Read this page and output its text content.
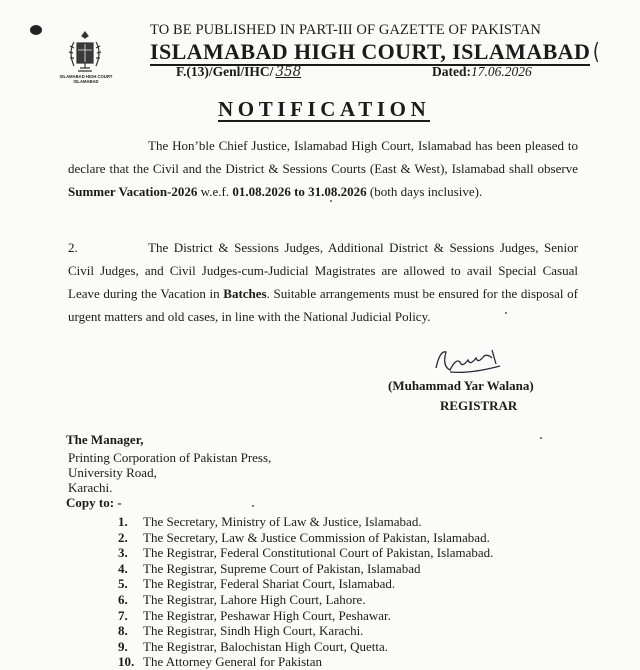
ISLAMABAD HIGH COURT ISLAMABAD
TO BE PUBLISHED IN PART-III OF GAZETTE OF PAKISTAN
ISLAMABAD HIGH COURT, ISLAMABAD
F.(13)/Genl/IHC/ 358	Dated:17.06.2026
(
NOTIFICATION
The Hon’ble Chief Justice, Islamabad High Court, Islamabad has been pleased to declare that the Civil and the District & Sessions Courts (East & West), Islamabad shall observe Summer Vacation-2026 w.e.f. 01.08.2026 to 31.08.2026 (both days inclusive).
2.	The District & Sessions Judges, Additional District & Sessions Judges, Senior Civil Judges, and Civil Judges-cum-Judicial Magistrates are allowed to avail Special Casual Leave during the Vacation in Batches. Suitable arrangements must be ensured for the disposal of urgent matters and old cases, in line with the National Judicial Policy.
(Muhammad Yar Walana)
REGISTRAR
The Manager,
Printing Corporation of Pakistan Press,
University Road,
Karachi.
Copy to: -
1. The Secretary, Ministry of Law & Justice, Islamabad.
2. The Secretary, Law & Justice Commission of Pakistan, Islamabad.
3. The Registrar, Federal Constitutional Court of Pakistan, Islamabad.
4. The Registrar, Supreme Court of Pakistan, Islamabad
5. The Registrar, Federal Shariat Court, Islamabad.
6. The Registrar, Lahore High Court, Lahore.
7. The Registrar, Peshawar High Court, Peshawar.
8. The Registrar, Sindh High Court, Karachi.
9. The Registrar, Balochistan High Court, Quetta.
10. The Attorney General for Pakistan
